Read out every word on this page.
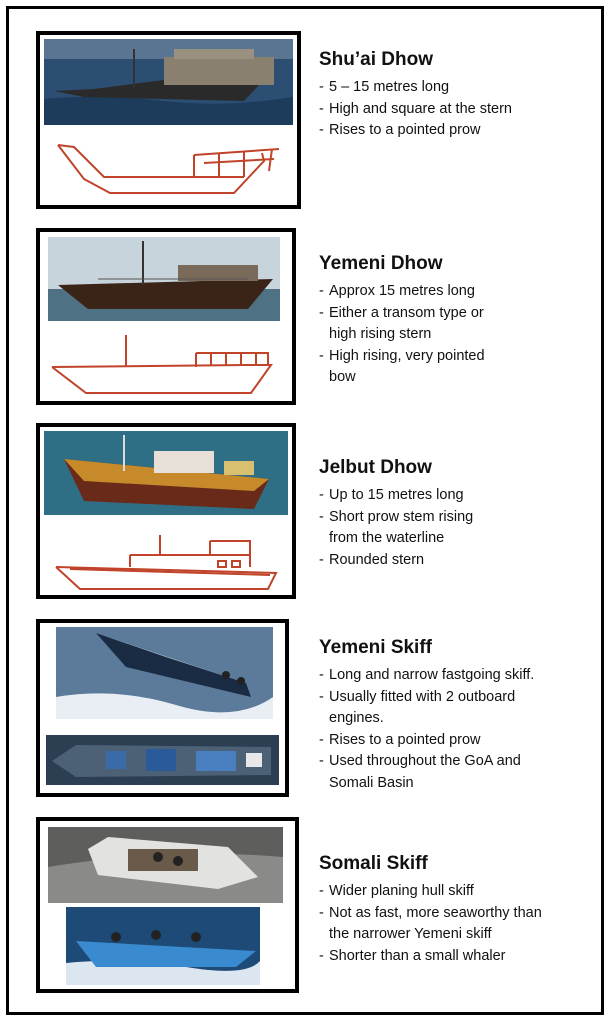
Shu’ai Dhow
- 5 – 15 metres long
- High and square at the stern
- Rises to a pointed prow
Yemeni Dhow
- Approx 15 metres long
- Either a transom type or
high rising stern
- High rising, very pointed
bow
Jelbut Dhow
- Up to 15 metres long
- Short prow stem rising
from the waterline
- Rounded stern
Yemeni Skiff
- Long and narrow fastgoing skiff.
- Usually fitted with 2 outboard
engines.
- Rises to a pointed prow
- Used throughout the GoA and
Somali Basin
Somali Skiff
- Wider planing hull skiff
- Not as fast, more seaworthy than
the narrower Yemeni skiff
- Shorter than a small whaler
